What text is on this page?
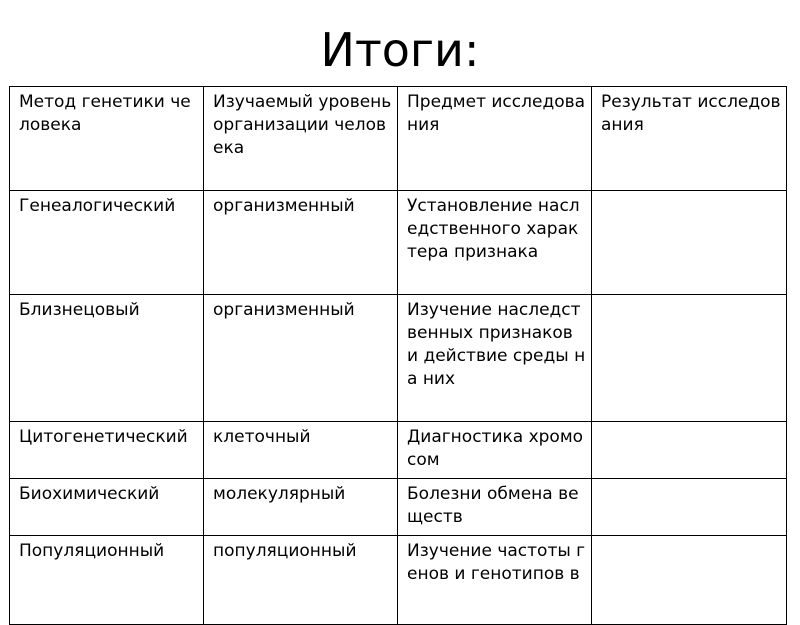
Итоги:
Метод генетики человека	Изучаемый уровень организации человека	Предмет исследования	Результат исследования
Генеалогический	организменный	Установление наследственного характера признака	
Близнецовый	организменный	Изучение наследственных признаков и действие среды на них	
Цитогенетический	клеточный	Диагностика хромосом	
Биохимический	молекулярный	Болезни обмена веществ	
Популяционный	популяционный	Изучение частоты генов и генотипов в	
